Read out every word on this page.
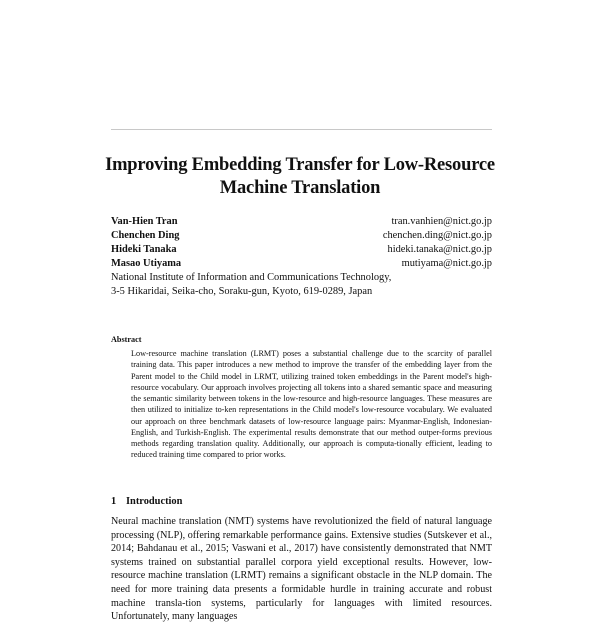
Improving Embedding Transfer for Low-Resource
Machine Translation
Van-Hien Tran	tran.vanhien@nict.go.jp
Chenchen Ding	chenchen.ding@nict.go.jp
Hideki Tanaka	hideki.tanaka@nict.go.jp
Masao Utiyama	mutiyama@nict.go.jp
National Institute of Information and Communications Technology,
3-5 Hikaridai, Seika-cho, Soraku-gun, Kyoto, 619-0289, Japan
Abstract
Low-resource machine translation (LRMT) poses a substantial challenge due to the scarcity of parallel training data. This paper introduces a new method to improve the transfer of the embedding layer from the Parent model to the Child model in LRMT, utilizing trained token embeddings in the Parent model's high-resource vocabulary. Our approach involves projecting all tokens into a shared semantic space and measuring the semantic similarity between tokens in the low-resource and high-resource languages. These measures are then utilized to initialize to-ken representations in the Child model's low-resource vocabulary. We evaluated our approach on three benchmark datasets of low-resource language pairs: Myanmar-English, Indonesian-English, and Turkish-English. The experimental results demonstrate that our method outper-forms previous methods regarding translation quality. Additionally, our approach is computa-tionally efficient, leading to reduced training time compared to prior works.
1 Introduction
Neural machine translation (NMT) systems have revolutionized the field of natural language processing (NLP), offering remarkable performance gains. Extensive studies (Sutskever et al., 2014; Bahdanau et al., 2015; Vaswani et al., 2017) have consistently demonstrated that NMT systems trained on substantial parallel corpora yield exceptional results. However, low-resource machine translation (LRMT) remains a significant obstacle in the NLP domain. The need for more training data presents a formidable hurdle in training accurate and robust machine transla-tion systems, particularly for languages with limited resources. Unfortunately, many languages
